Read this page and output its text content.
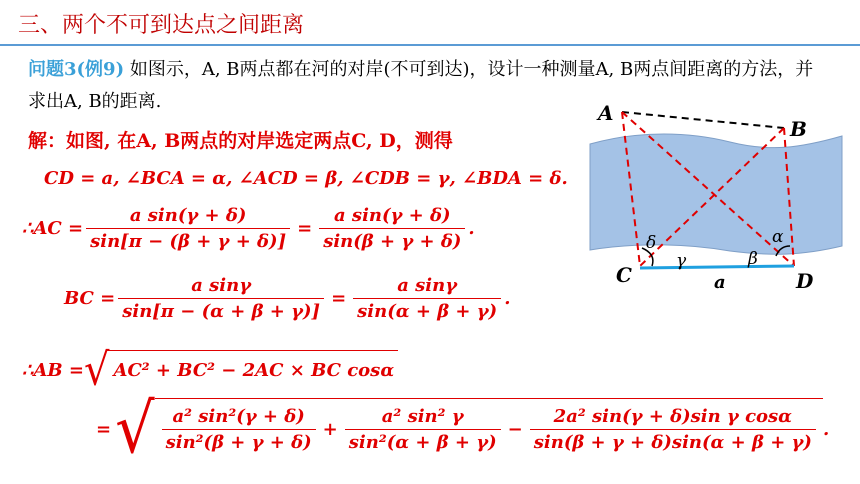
三、两个不可到达点之间距离
问题3(例9) 如图示，A, B两点都在河的对岸(不可到达)，设计一种测量A, B两点间距离的方法，并求出A, B的距离.
解：如图, 在A, B两点的对岸选定两点C, D，测得
CD = a, ∠BCA = α, ∠ACD = β, ∠CDB = γ, ∠BDA = δ.
∴AC = $\frac{\text{a sin(γ + δ)}}{\sin[\pi - (\beta + \gamma + \delta)]} = \frac{\text{a sin(γ + δ)}}{\sin(\beta + \gamma + \delta)}$ .
BC = $\frac{\text{a sinγ}}{\sin[\pi - (\alpha + \beta + \gamma)]} = \frac{\text{a sinγ}}{\sin(\alpha + \beta + \gamma)}$ .
∴AB = √ AC² + BC² − 2AC × BC cosα
= √ $\frac{\text{a² sin²(γ + δ)}}{\text{sin²(β + γ + δ)}} + \frac{\text{a² sin² γ}}{\text{sin²(α + β + γ)}} - \frac{\text{2a² sin(γ + δ)sin γ cosα}}{\sin(\beta + \gamma + \delta)\sin(\alpha + \beta + \gamma)}$ .
A
B
C	D
δ
γ	β
α
a
